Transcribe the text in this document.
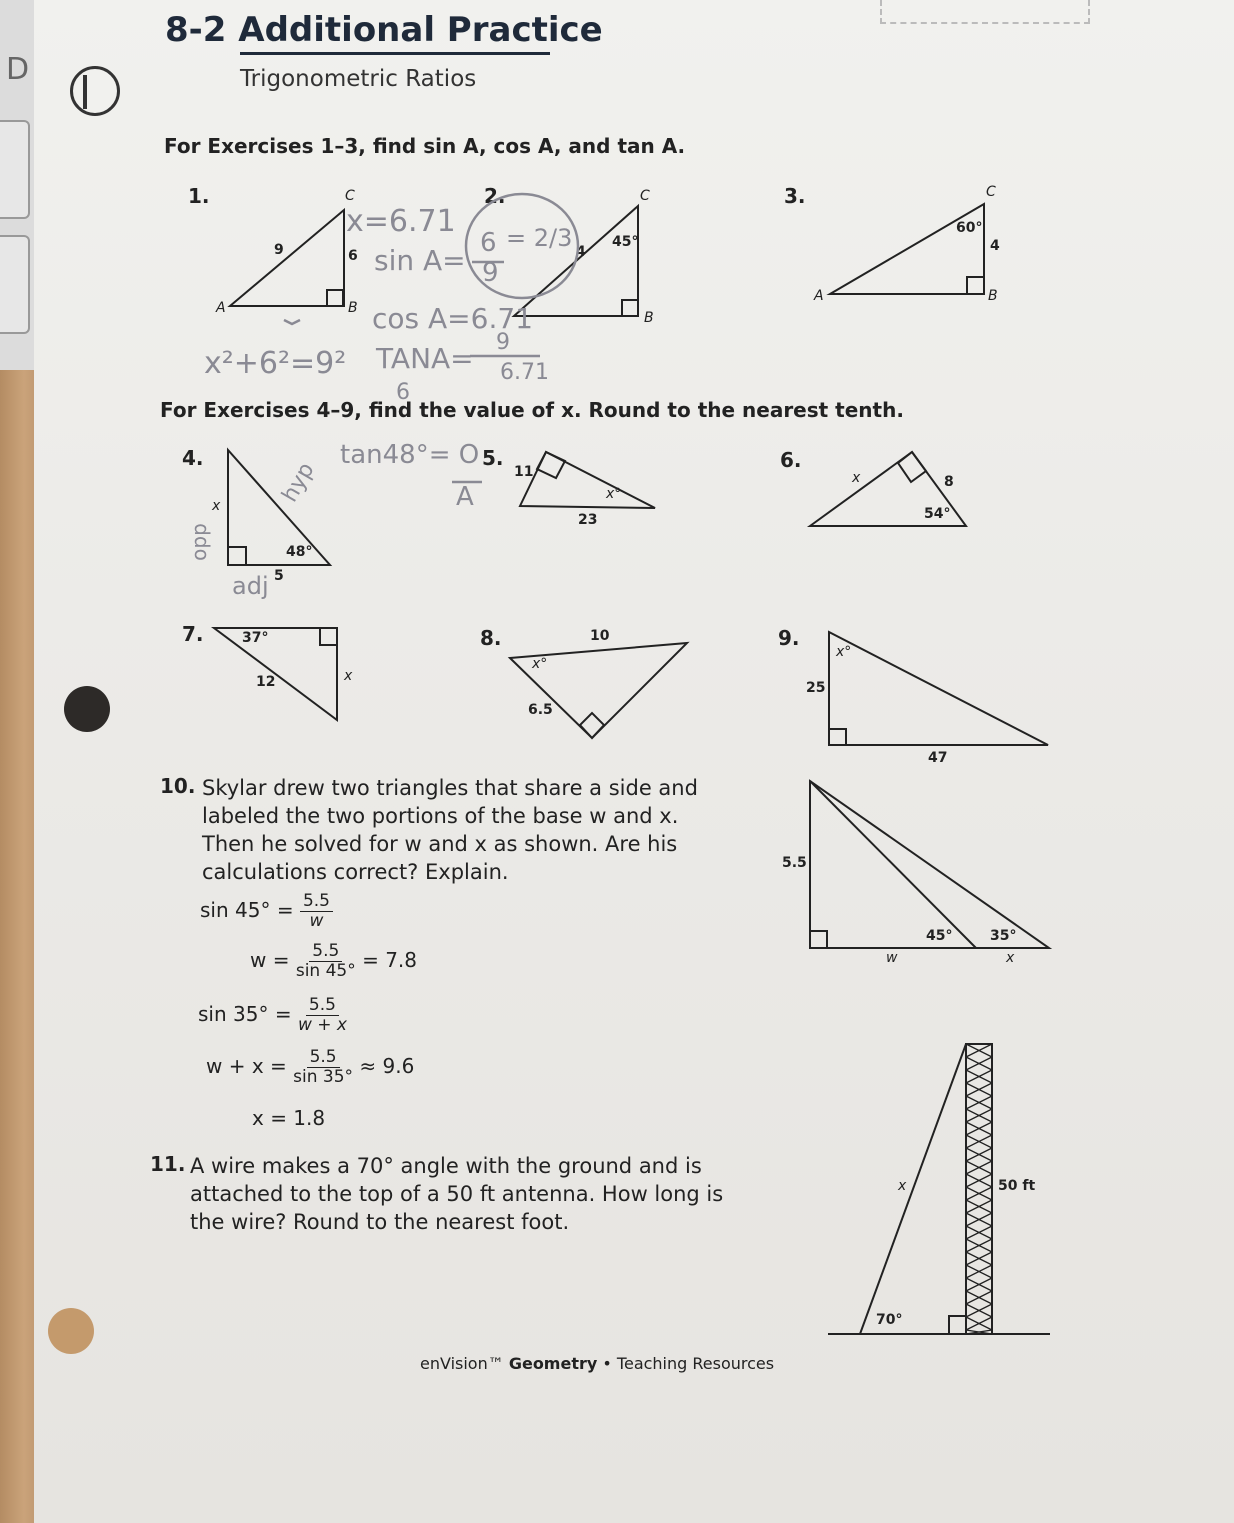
D
8-2 Additional Practice
Trigonometric Ratios
For Exercises 1–3, find sin A, cos A, and tan A.
For Exercises 4–9, find the value of x. Round to the nearest tenth.
1.	C
A	B
9	6
2.	C
B
4
45°
3.	C
A	B
4
60°
4.
x
5
48°
5.
11
23
x°
6.
x	8
54°
7.	37°
12	x
8.	10
6.5
x°
9.
25
47
x°
10. Skylar drew two triangles that share a side and labeled the two portions of the base w and x. Then he solved for w and x as shown. Are his calculations correct? Explain.
$\sin 45^\circ = \frac{5.5}{w}$
$w = \frac{5.5}{\sin 45^\circ} = 7.8$
$\sin 35^\circ = \frac{5.5}{w + x}$
$w + x = \frac{5.5}{\sin 35^\circ} \approx 9.6$
x = 1.8
5.5
45°	35°
w	x
11. A wire makes a 70° angle with the ground and is attached to the top of a 50 ft antenna. How long is the wire? Round to the nearest foot.
x	50 ft
70°
x=6.71
sin A=
6
9
= 2/3
cos A=6.71
x²+6²=9² TANA= 9
6
6.71
tan48°= O
A
adj
hyp
opp
enVision™ Geometry • Teaching Resources
